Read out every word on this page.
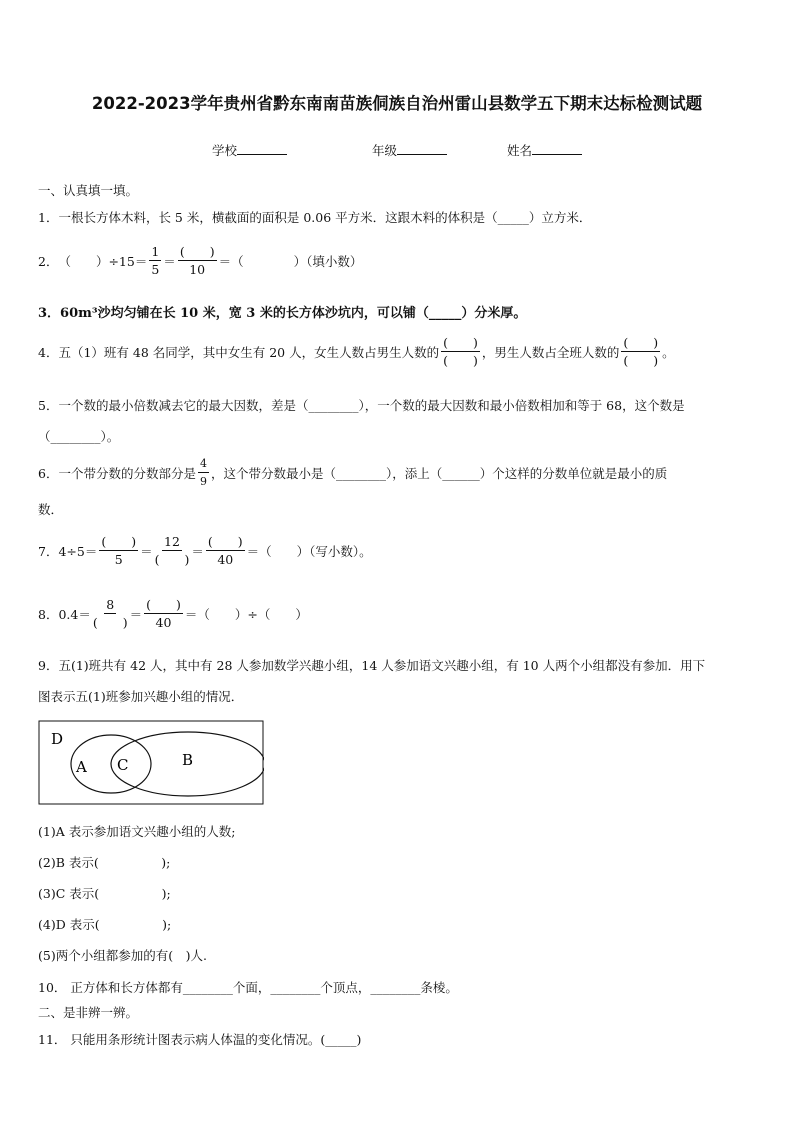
2022-2023学年贵州省黔东南南苗族侗族自治州雷山县数学五下期末达标检测试题
学校	年级	姓名
一、认真填一填。
1．一根长方体木料，长 5 米，横截面的面积是 0.06 平方米．这跟木料的体积是（_____）立方米．
2． （　　）$\div 15= \frac{1}{5} = \frac{( )}{10}$ ＝（　　　　）（填小数）
3．60m³沙均匀铺在长 10 米，宽 3 米的长方体沙坑内，可以铺（_____）分米厚。
4．五（1）班有 48 名同学，其中女生有 20 人，女生人数占男生人数的 $\frac{( )}{( )}$ ，男生人数占全班人数的 $\frac{( )}{( )}$ 。
5．一个数的最小倍数减去它的最大因数，差是（________），一个数的最大因数和最小倍数相加和等于 68，这个数是
（________）。
6．一个带分数的分数部分是 $\frac{4}{9}$ ，这个带分数最小是（________），添上（______）个这样的分数单位就是最小的质
数．
7．$4\div 5= \frac{( )}{5} = \frac{12}{( )} = \frac{( )}{40}$ ＝（　　）（写小数）。
8．$0.4= \frac{8}{( )} = \frac{( )}{40}$ ＝（　　）÷（　　）
9．五(1)班共有 42 人，其中有 28 人参加数学兴趣小组，14 人参加语文兴趣小组，有 10 人两个小组都没有参加．用下
图表示五(1)班参加兴趣小组的情况．
D
A C	B
(1)A 表示参加语文兴趣小组的人数;
(2)B 表示(　　　　　);
(3)C 表示(　　　　　);
(4)D 表示(　　　　　);
(5)两个小组都参加的有(　)人.
10． 正方体和长方体都有________个面，________个顶点，________条棱。
二、是非辨一辨。
11． 只能用条形统计图表示病人体温的变化情况。(_____)
